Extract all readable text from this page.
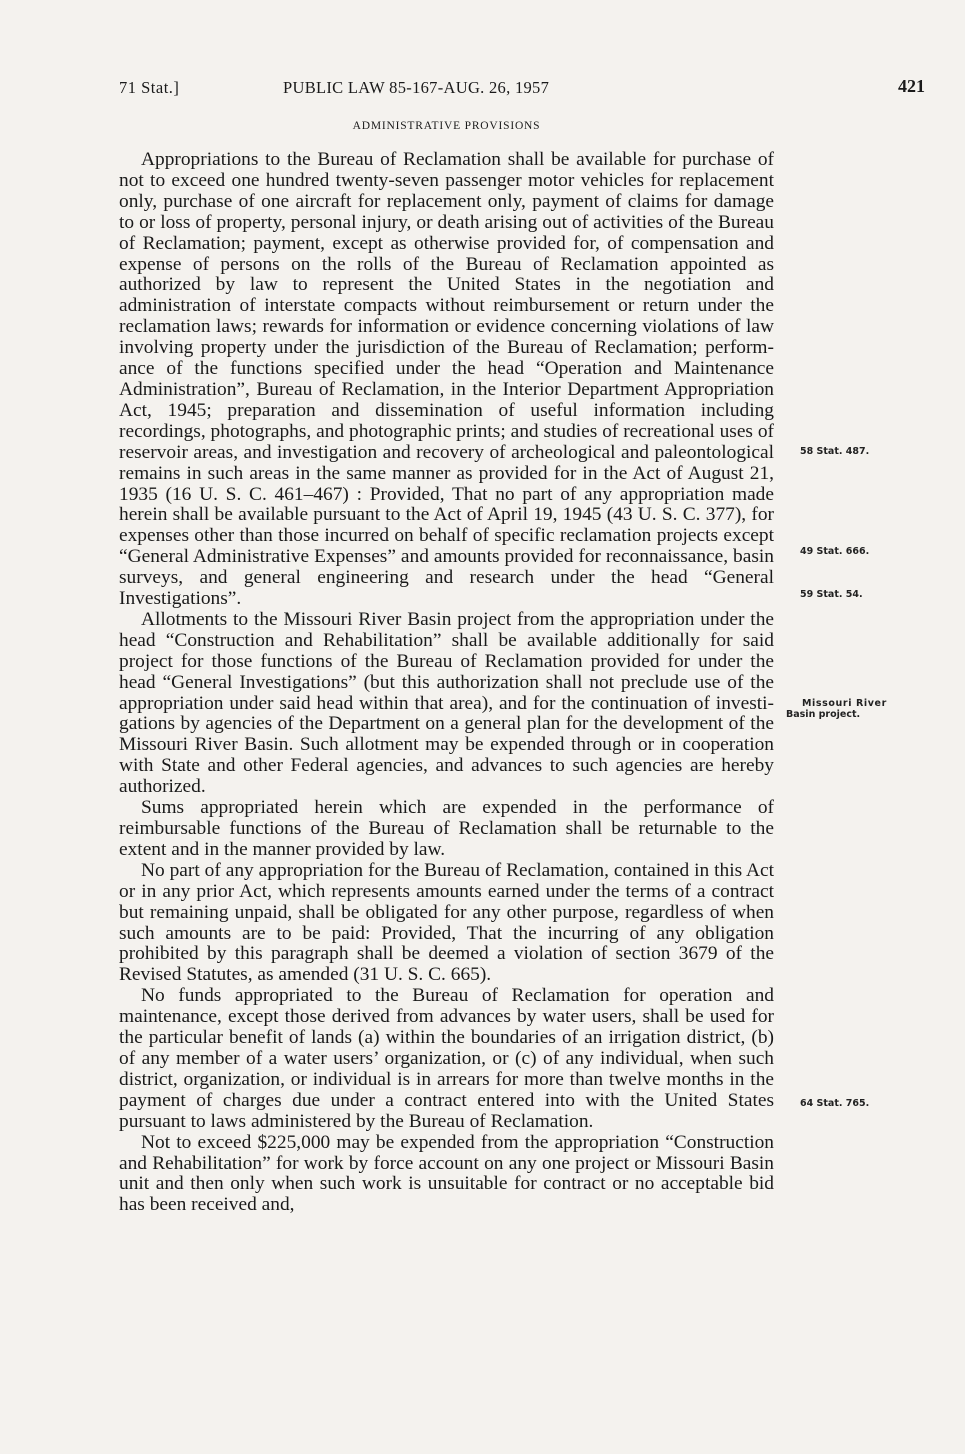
71 Stat.]	PUBLIC LAW 85-167-AUG. 26, 1957	421
ADMINISTRATIVE PROVISIONS

Appropriations to the Bureau of Reclamation shall be available for purchase of not to exceed one hundred twenty-seven passenger motor vehicles for replacement only, purchase of one aircraft for replacement only, payment of claims for damage to or loss of property, personal injury, or death arising out of activities of the Bureau of Reclamation; payment, except as otherwise provided for, of compensation and expense of persons on the rolls of the Bureau of Reclamation appointed as authorized by law to represent the United States in the negotiation and administration of interstate compacts without reimbursement or return under the reclamation laws; rewards for information or evidence concerning violations of law involving property under the jurisdiction of the Bureau of Reclamation; performance of the functions specified under the head “Operation and Maintenance Administration”, Bureau of Reclamation, in the Interior Department Appropriation Act, 1945; preparation and dissemination of useful information including recordings, photographs, and photographic prints; and studies of recreational uses of reservoir areas, and investigation and recovery of archeological and paleontological remains in such areas in the same manner as provided for in the Act of August 21, 1935 (16 U. S. C. 461–467) : Provided, That no part of any appropriation made herein shall be available pursuant to the Act of April 19, 1945 (43 U. S. C. 377), for expenses other than those incurred on behalf of specific reclamation projects except “General Administrative Expenses” and amounts provided for reconnaissance, basin surveys, and general engineering and research under the head “General Investigations”.

Allotments to the Missouri River Basin project from the appropriation under the head “Construction and Rehabilitation” shall be available additionally for said project for those functions of the Bureau of Reclamation provided for under the head “General Investigations” (but this authorization shall not preclude use of the appropriation under said head within that area), and for the continuation of investigations by agencies of the Department on a general plan for the development of the Missouri River Basin. Such allotment may be expended through or in cooperation with State and other Federal agencies, and advances to such agencies are hereby authorized.

Sums appropriated herein which are expended in the performance of reimbursable functions of the Bureau of Reclamation shall be returnable to the extent and in the manner provided by law.

No part of any appropriation for the Bureau of Reclamation, contained in this Act or in any prior Act, which represents amounts earned under the terms of a contract but remaining unpaid, shall be obligated for any other purpose, regardless of when such amounts are to be paid: Provided, That the incurring of any obligation prohibited by this paragraph shall be deemed a violation of section 3679 of the Revised Statutes, as amended (31 U. S. C. 665).

No funds appropriated to the Bureau of Reclamation for operation and maintenance, except those derived from advances by water users, shall be used for the particular benefit of lands (a) within the boundaries of an irrigation district, (b) of any member of a water users’ organization, or (c) of any individual, when such district, organization, or individual is in arrears for more than twelve months in the payment of charges due under a contract entered into with the United States pursuant to laws administered by the Bureau of Reclamation.

Not to exceed $225,000 may be expended from the appropriation “Construction and Rehabilitation” for work by force account on any one project or Missouri Basin unit and then only when such work is unsuitable for contract or no acceptable bid has been received and,

58 Stat. 487.
49 Stat. 666.
59 Stat. 54.
Missouri River
Basin project.
64 Stat. 765.
